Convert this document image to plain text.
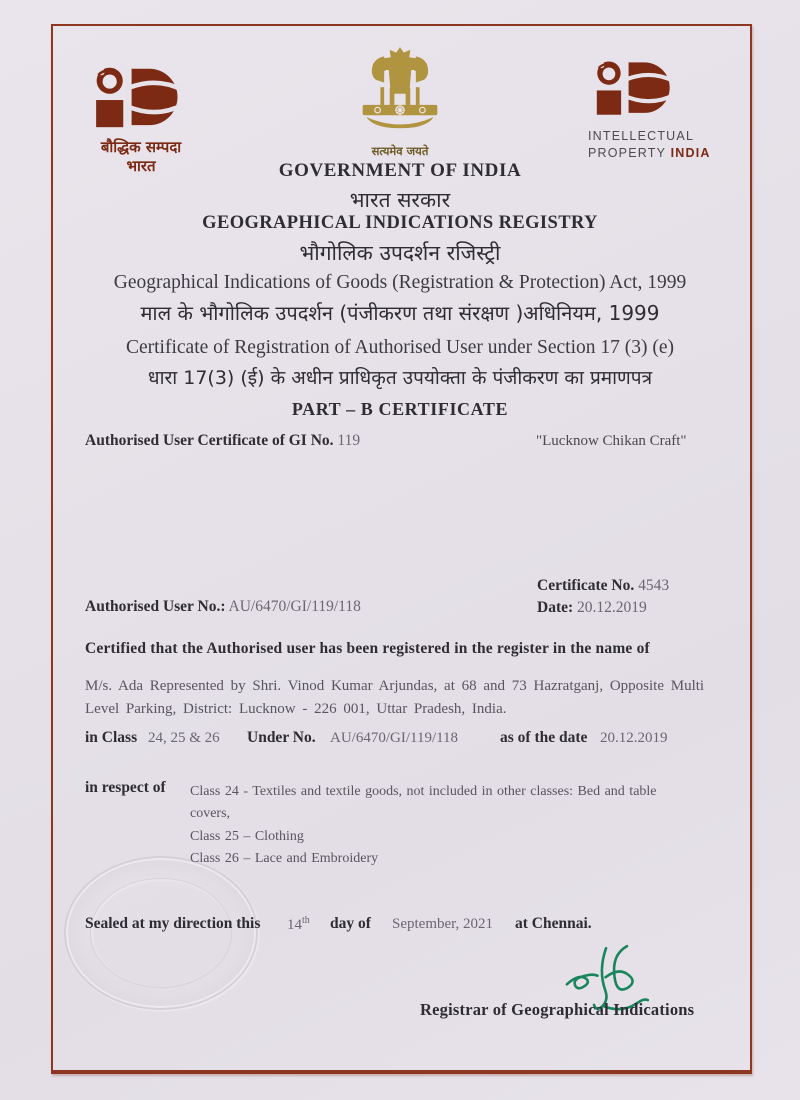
बौद्धिक सम्पदा
भारत
सत्यमेव जयते
INTELLECTUAL
PROPERTY INDIA
GOVERNMENT OF INDIA
भारत सरकार
GEOGRAPHICAL INDICATIONS REGISTRY
भौगोलिक उपदर्शन रजिस्ट्री
Geographical Indications of Goods (Registration & Protection) Act, 1999
माल के भौगोलिक उपदर्शन (पंजीकरण तथा संरक्षण )अधिनियम, 1999
Certificate of Registration of Authorised User under Section 17 (3) (e)
धारा 17(3) (ई) के अधीन प्राधिकृत उपयोक्ता के पंजीकरण का प्रमाणपत्र
PART – B CERTIFICATE
Authorised User Certificate of GI No. 119	"Lucknow Chikan Craft"
Certificate No. 4543
Authorised User No.: AU/6470/GI/119/118	Date: 20.12.2019
Certified that the Authorised user has been registered in the register in the name of
M/s. Ada Represented by Shri. Vinod Kumar Arjundas, at 68 and 73 Hazratganj, Opposite Multi Level Parking, District: Lucknow - 226 001, Uttar Pradesh, India.
in Class 24, 25 & 26 Under No. AU/6470/GI/119/118	as of the date 20.12.2019
in respect of Class 24 - Textiles and textile goods, not included in other classes: Bed and table covers,
Class 25 – Clothing
Class 26 – Lace and Embroidery
Sealed at my direction this 14th day of September, 2021 at Chennai.
Registrar of Geographical Indications
